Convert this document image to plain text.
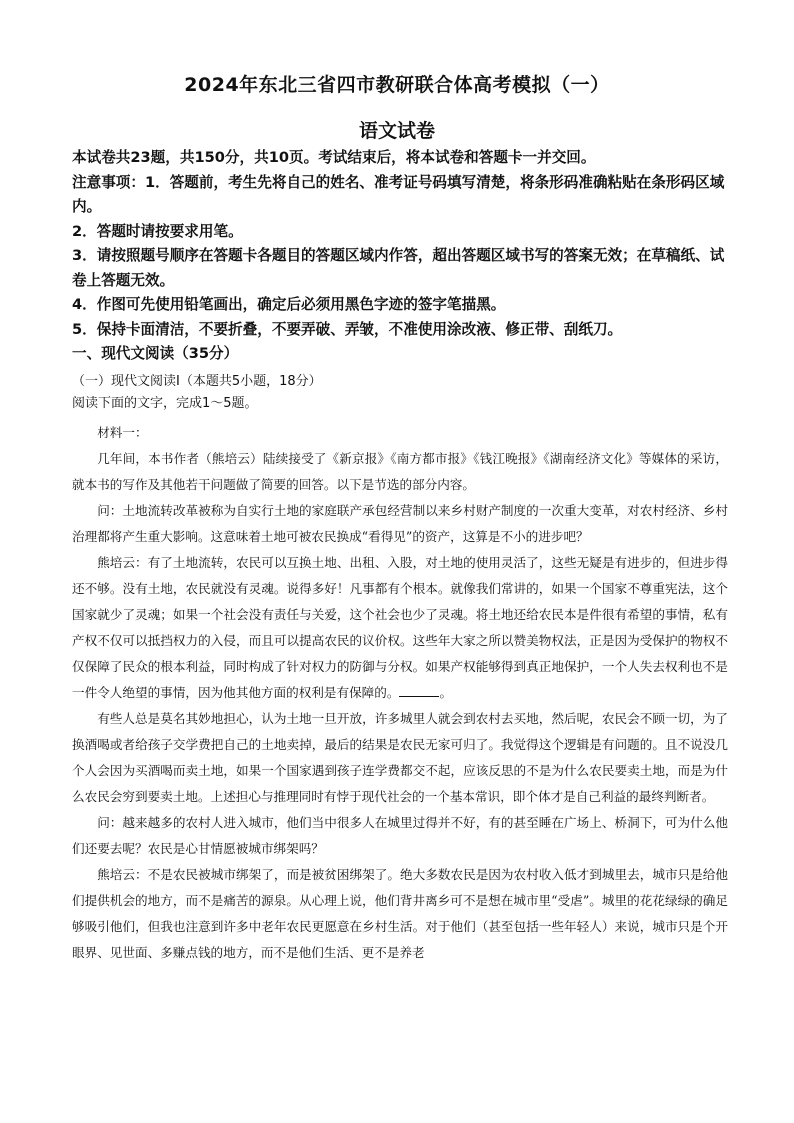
2024年东北三省四市教研联合体高考模拟（一）
语文试卷
本试卷共23题，共150分，共10页。考试结束后，将本试卷和答题卡一并交回。
注意事项：1．答题前，考生先将自己的姓名、准考证号码填写清楚，将条形码准确粘贴在条形码区域内。
2．答题时请按要求用笔。
3．请按照题号顺序在答题卡各题目的答题区域内作答，超出答题区域书写的答案无效；在草稿纸、试卷上答题无效。
4．作图可先使用铅笔画出，确定后必须用黑色字迹的签字笔描黑。
5．保持卡面清洁，不要折叠，不要弄破、弄皱，不准使用涂改液、修正带、刮纸刀。
一、现代文阅读（35分）
（一）现代文阅读Ⅰ（本题共5小题，18分）
阅读下面的文字，完成1～5题。
材料一：
几年间，本书作者（熊培云）陆续接受了《新京报》《南方都市报》《钱江晚报》《湖南经济文化》等媒体的采访，就本书的写作及其他若干问题做了简要的回答。以下是节选的部分内容。
问：土地流转改革被称为自实行土地的家庭联产承包经营制以来乡村财产制度的一次重大变革，对农村经济、乡村治理都将产生重大影响。这意味着土地可被农民换成“看得见”的资产，这算是不小的进步吧？
熊培云：有了土地流转，农民可以互换土地、出租、入股，对土地的使用灵活了，这些无疑是有进步的，但进步得还不够。没有土地，农民就没有灵魂。说得多好！凡事都有个根本。就像我们常讲的，如果一个国家不尊重宪法，这个国家就少了灵魂；如果一个社会没有责任与关爱，这个社会也少了灵魂。将土地还给农民本是件很有希望的事情，私有产权不仅可以抵挡权力的入侵，而且可以提高农民的议价权。这些年大家之所以赞美物权法，正是因为受保护的物权不仅保障了民众的根本利益，同时构成了针对权力的防御与分权。如果产权能够得到真正地保护，一个人失去权利也不是一件令人绝望的事情，因为他其他方面的权利是有保障的。	。
有些人总是莫名其妙地担心，认为土地一旦开放，许多城里人就会到农村去买地，然后呢，农民会不顾一切，为了换酒喝或者给孩子交学费把自己的土地卖掉，最后的结果是农民无家可归了。我觉得这个逻辑是有问题的。且不说没几个人会因为买酒喝而卖土地，如果一个国家遇到孩子连学费都交不起，应该反思的不是为什么农民要卖土地，而是为什么农民会穷到要卖土地。上述担心与推理同时有悖于现代社会的一个基本常识，即个体才是自己利益的最终判断者。
问：越来越多的农村人进入城市，他们当中很多人在城里过得并不好，有的甚至睡在广场上、桥洞下，可为什么他们还要去呢？农民是心甘情愿被城市绑架吗？
熊培云：不是农民被城市绑架了，而是被贫困绑架了。绝大多数农民是因为农村收入低才到城里去，城市只是给他们提供机会的地方，而不是痛苦的源泉。从心理上说，他们背井离乡可不是想在城市里“受虐”。城里的花花绿绿的确足够吸引他们，但我也注意到许多中老年农民更愿意在乡村生活。对于他们（甚至包括一些年轻人）来说，城市只是个开眼界、见世面、多赚点钱的地方，而不是他们生活、更不是养老
